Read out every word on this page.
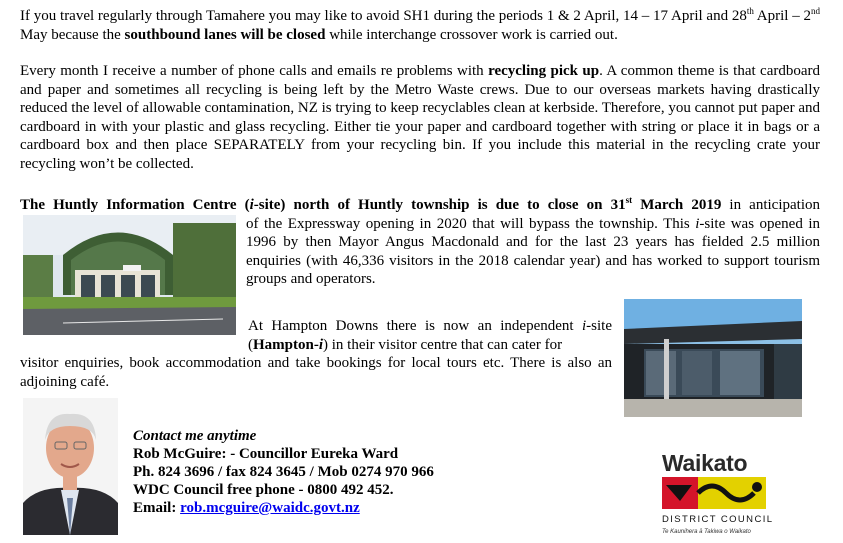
If you travel regularly through Tamahere you may like to avoid SH1 during the periods 1 & 2 April, 14 – 17 April and 28th April – 2nd May because the southbound lanes will be closed while interchange crossover work is carried out.
Every month I receive a number of phone calls and emails re problems with recycling pick up. A common theme is that cardboard and paper and sometimes all recycling is being left by the Metro Waste crews. Due to our overseas markets having drastically reduced the level of allowable contamination, NZ is trying to keep recyclables clean at kerbside. Therefore, you cannot put paper and cardboard in with your plastic and glass recycling. Either tie your paper and cardboard together with string or place it in bags or a cardboard box and then place SEPARATELY from your recycling bin. If you include this material in the recycling crate your recycling won’t be collected.

The Huntly Information Centre (i-site) north of Huntly township is due to close on 31st March 2019 in anticipation

of the Expressway opening in 2020 that will bypass the township. This i-site was opened in 1996 by then Mayor Angus Macdonald and for the last 23 years has fielded 2.5 million enquiries (with 46,336 visitors in the 2018 calendar year) and has worked to support tourism groups and operators.

At Hampton Downs there is now an independent i-site (Hampton-i) in their visitor centre that can cater for

visitor enquiries, book accommodation and take bookings for local tours etc. There is also an adjoining café.

Contact me anytime
Rob McGuire: - Councillor Eureka Ward
Ph. 824 3696 / fax 824 3645 / Mob 0274 970 966
WDC Council free phone - 0800 492 452.
Email: rob.mcguire@waidc.govt.nz
Waikato
DISTRICT COUNCIL
Te Kaunihera ā Takiwa o Waikato
